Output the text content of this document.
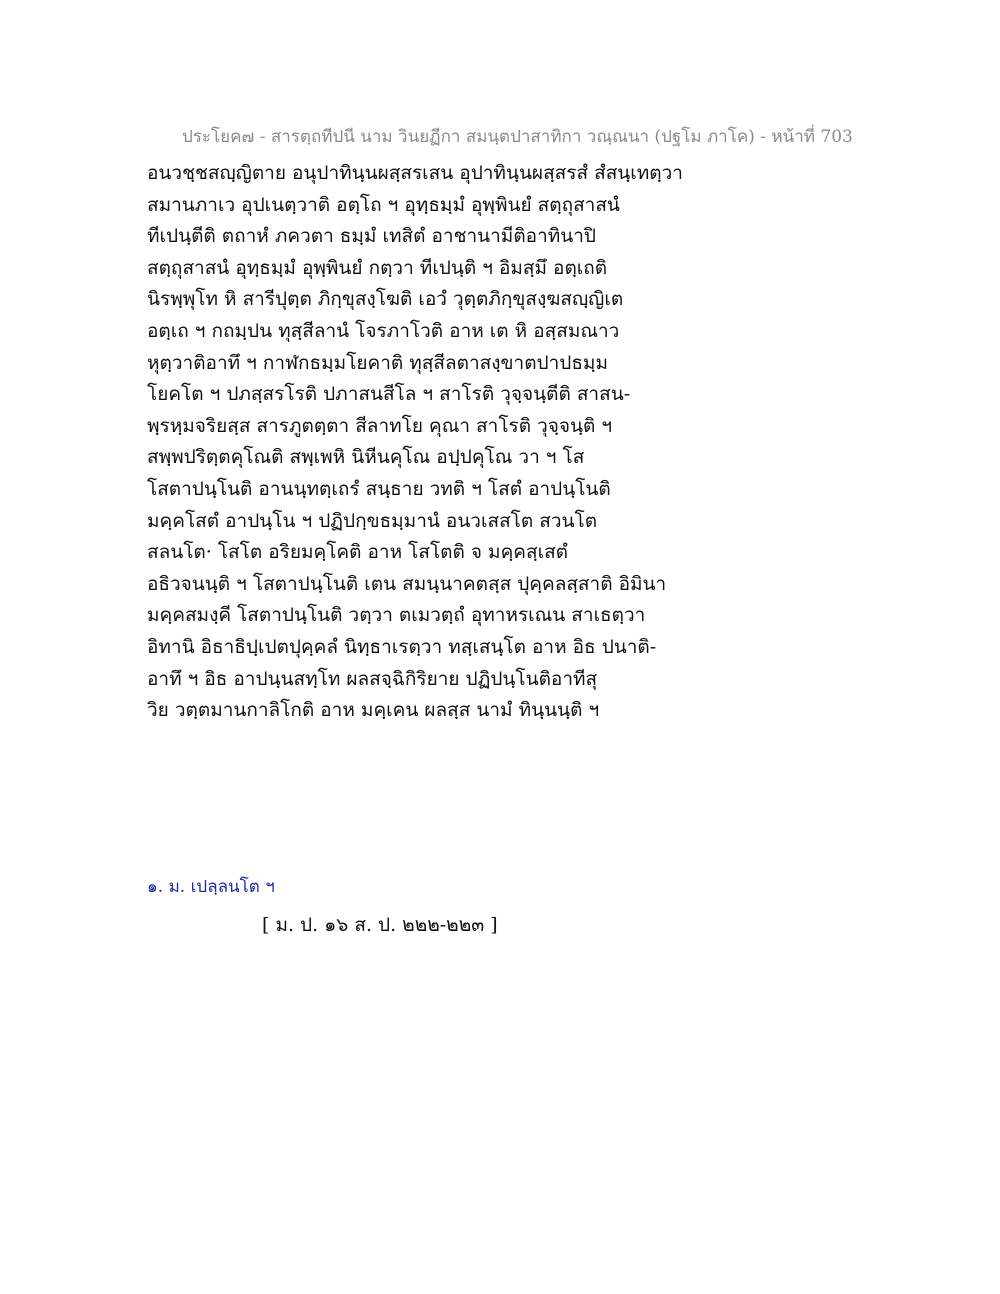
ประโยค๗ - สารตฺถทีปนี นาม วินยฏีกา สมนฺตปาสาทิกา วณฺณนา (ปฐโม ภาโค) - หน้าที่ 703
อนวชฺชสญฺญิตาย อนุปาทินฺนผสฺสรเสน อุปาทินฺนผสฺสรสํ สํสนฺเทตฺวา
สมานภาเว อุปเนตฺวาติ อตฺโถ ฯ อุทฺธมฺมํ อุพฺพินยํ สตฺถุสาสนํ
ทีเปนฺตีติ ตถาหํ ภควตา ธมฺมํ เทสิตํ อาชานามีติอาทินาปิ
สตฺถุสาสนํ อุทฺธมฺมํ อุพฺพินยํ กตฺวา ทีเปนฺติ ฯ อิมสฺมึ อตฺเถติ
นิรพฺพุโท หิ สารีปุตฺต ภิกฺขุสงฺโฆติ เอวํ วุตฺตภิกฺขุสงฺฆสญฺญิเต
อตฺเถ ฯ กถมฺปน ทุสฺสีลานํ โจรภาโวติ อาห เต หิ อสฺสมณาว
หุตฺวาติอาทึ ฯ กาฬกธมฺมโยคาติ ทุสฺสีลตาสงฺขาตปาปธมฺม
โยคโต ฯ ปภสฺสรโรติ ปภาสนสีโล ฯ สาโรติ วุจฺจนฺตีติ สาสน-
พฺรหฺมจริยสฺส สารภูตตฺตา สีลาทโย คุณา สาโรติ วุจฺจนฺติ ฯ
สพฺพปริตฺตคุโณติ สพฺเพหิ นิหีนคุโณ อปฺปคุโณ วา ฯ โส
โสตาปนฺโนติ อานนฺทตฺเถรํ สนฺธาย วทติ ฯ โสตํ อาปนฺโนติ
มคฺคโสตํ อาปนฺโน ฯ ปฏิปกฺขธมฺมานํ อนวเสสโต สวนโต
สลนโต· โสโต อริยมคฺโคติ อาห โสโตติ จ มคฺคสฺเสตํ
อธิวจนนฺติ ฯ โสตาปนฺโนติ เตน สมนฺนาคตสฺส ปุคฺคลสฺสาติ อิมินา
มคฺคสมงฺคี โสตาปนฺโนติ วตฺวา ตเมวตฺถํ อุทาหรเณน สาเธตฺวา
อิทานิ อิธาธิปฺเปตปุคฺคลํ นิทฺธาเรตฺวา ทสฺเสนฺโต อาห อิธ ปนาติ-
อาทึ ฯ อิธ อาปนฺนสทฺโท ผลสจฺฉิกิริยาย ปฏิปนฺโนติอาทีสุ
วิย วตฺตมานกาลิโกติ อาห มคฺเคน ผลสฺส นามํ ทินฺนนฺติ ฯ
๑. ม. เปลฺลนโต ฯ
[ ม. ป. ๑๖ ส. ป. ๒๒๒-๒๒๓ ]
